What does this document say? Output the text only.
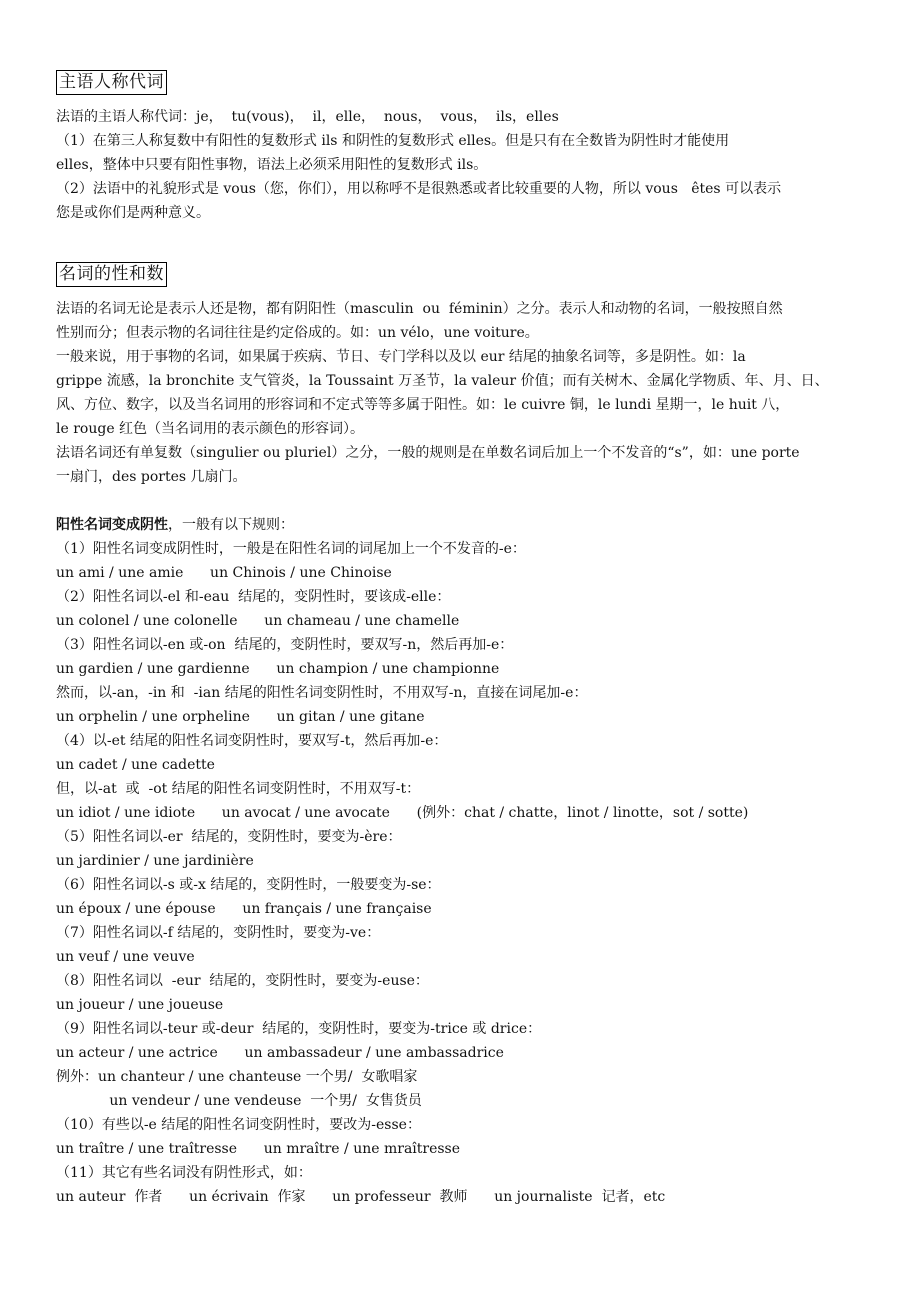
主语人称代词
法语的主语人称代词：je，  tu(vous)，  il，elle，  nous，  vous，  ils，elles
（1）在第三人称复数中有阳性的复数形式 ils 和阴性的复数形式 elles。但是只有在全数皆为阴性时才能使用
elles，整体中只要有阳性事物，语法上必须采用阳性的复数形式 ils。
（2）法语中的礼貌形式是 vous（您，你们），用以称呼不是很熟悉或者比较重要的人物，所以 vous   êtes 可以表示
您是或你们是两种意义。
名词的性和数
法语的名词无论是表示人还是物，都有阴阳性（masculin  ou  féminin）之分。表示人和动物的名词，一般按照自然
性别而分；但表示物的名词往往是约定俗成的。如：un vélo，une voiture。
一般来说，用于事物的名词，如果属于疾病、节日、专门学科以及以 eur 结尾的抽象名词等，多是阴性。如：la
grippe 流感，la bronchite 支气管炎，la Toussaint 万圣节，la valeur 价值；而有关树木、金属化学物质、年、月、日、
风、方位、数字，以及当名词用的形容词和不定式等等多属于阳性。如：le cuivre 铜，le lundi 星期一，le huit 八，
le rouge 红色（当名词用的表示颜色的形容词）。
法语名词还有单复数（singulier ou pluriel）之分，一般的规则是在单数名词后加上一个不发音的“s”，如：une porte
一扇门，des portes 几扇门。
阳性名词变成阴性，一般有以下规则：
（1）阳性名词变成阴性时，一般是在阳性名词的词尾加上一个不发音的-e：
un ami / une amie      un Chinois / une Chinoise
（2）阳性名词以-el 和-eau  结尾的，变阴性时，要该成-elle：
un colonel / une colonelle      un chameau / une chamelle
（3）阳性名词以-en 或-on  结尾的，变阴性时，要双写-n，然后再加-e：
un gardien / une gardienne      un champion / une championne
然而，以-an，-in 和  -ian 结尾的阳性名词变阴性时，不用双写-n，直接在词尾加-e：
un orphelin / une orpheline      un gitan / une gitane
（4）以-et 结尾的阳性名词变阴性时，要双写-t，然后再加-e：
un cadet / une cadette
但，以-at  或  -ot 结尾的阳性名词变阴性时，不用双写-t：
un idiot / une idiote      un avocat / une avocate      (例外：chat / chatte，linot / linotte，sot / sotte)
（5）阳性名词以-er  结尾的，变阴性时，要变为-ère：
un jardinier / une jardinière
（6）阳性名词以-s 或-x 结尾的，变阴性时，一般要变为-se：
un époux / une épouse      un français / une française
（7）阳性名词以-f 结尾的，变阴性时，要变为-ve：
un veuf / une veuve
（8）阳性名词以  -eur  结尾的，变阴性时，要变为-euse：
un joueur / une joueuse
（9）阳性名词以-teur 或-deur  结尾的，变阴性时，要变为-trice 或 drice：
un acteur / une actrice      un ambassadeur / une ambassadrice
例外：un chanteur / une chanteuse 一个男/  女歌唱家
un vendeur / une vendeuse  一个男/  女售货员
（10）有些以-e 结尾的阳性名词变阴性时，要改为-esse：
un traître / une traîtresse      un mraître / une mraîtresse
（11）其它有些名词没有阴性形式，如：
un auteur  作者      un écrivain  作家      un professeur  教师      un journaliste  记者，etc
